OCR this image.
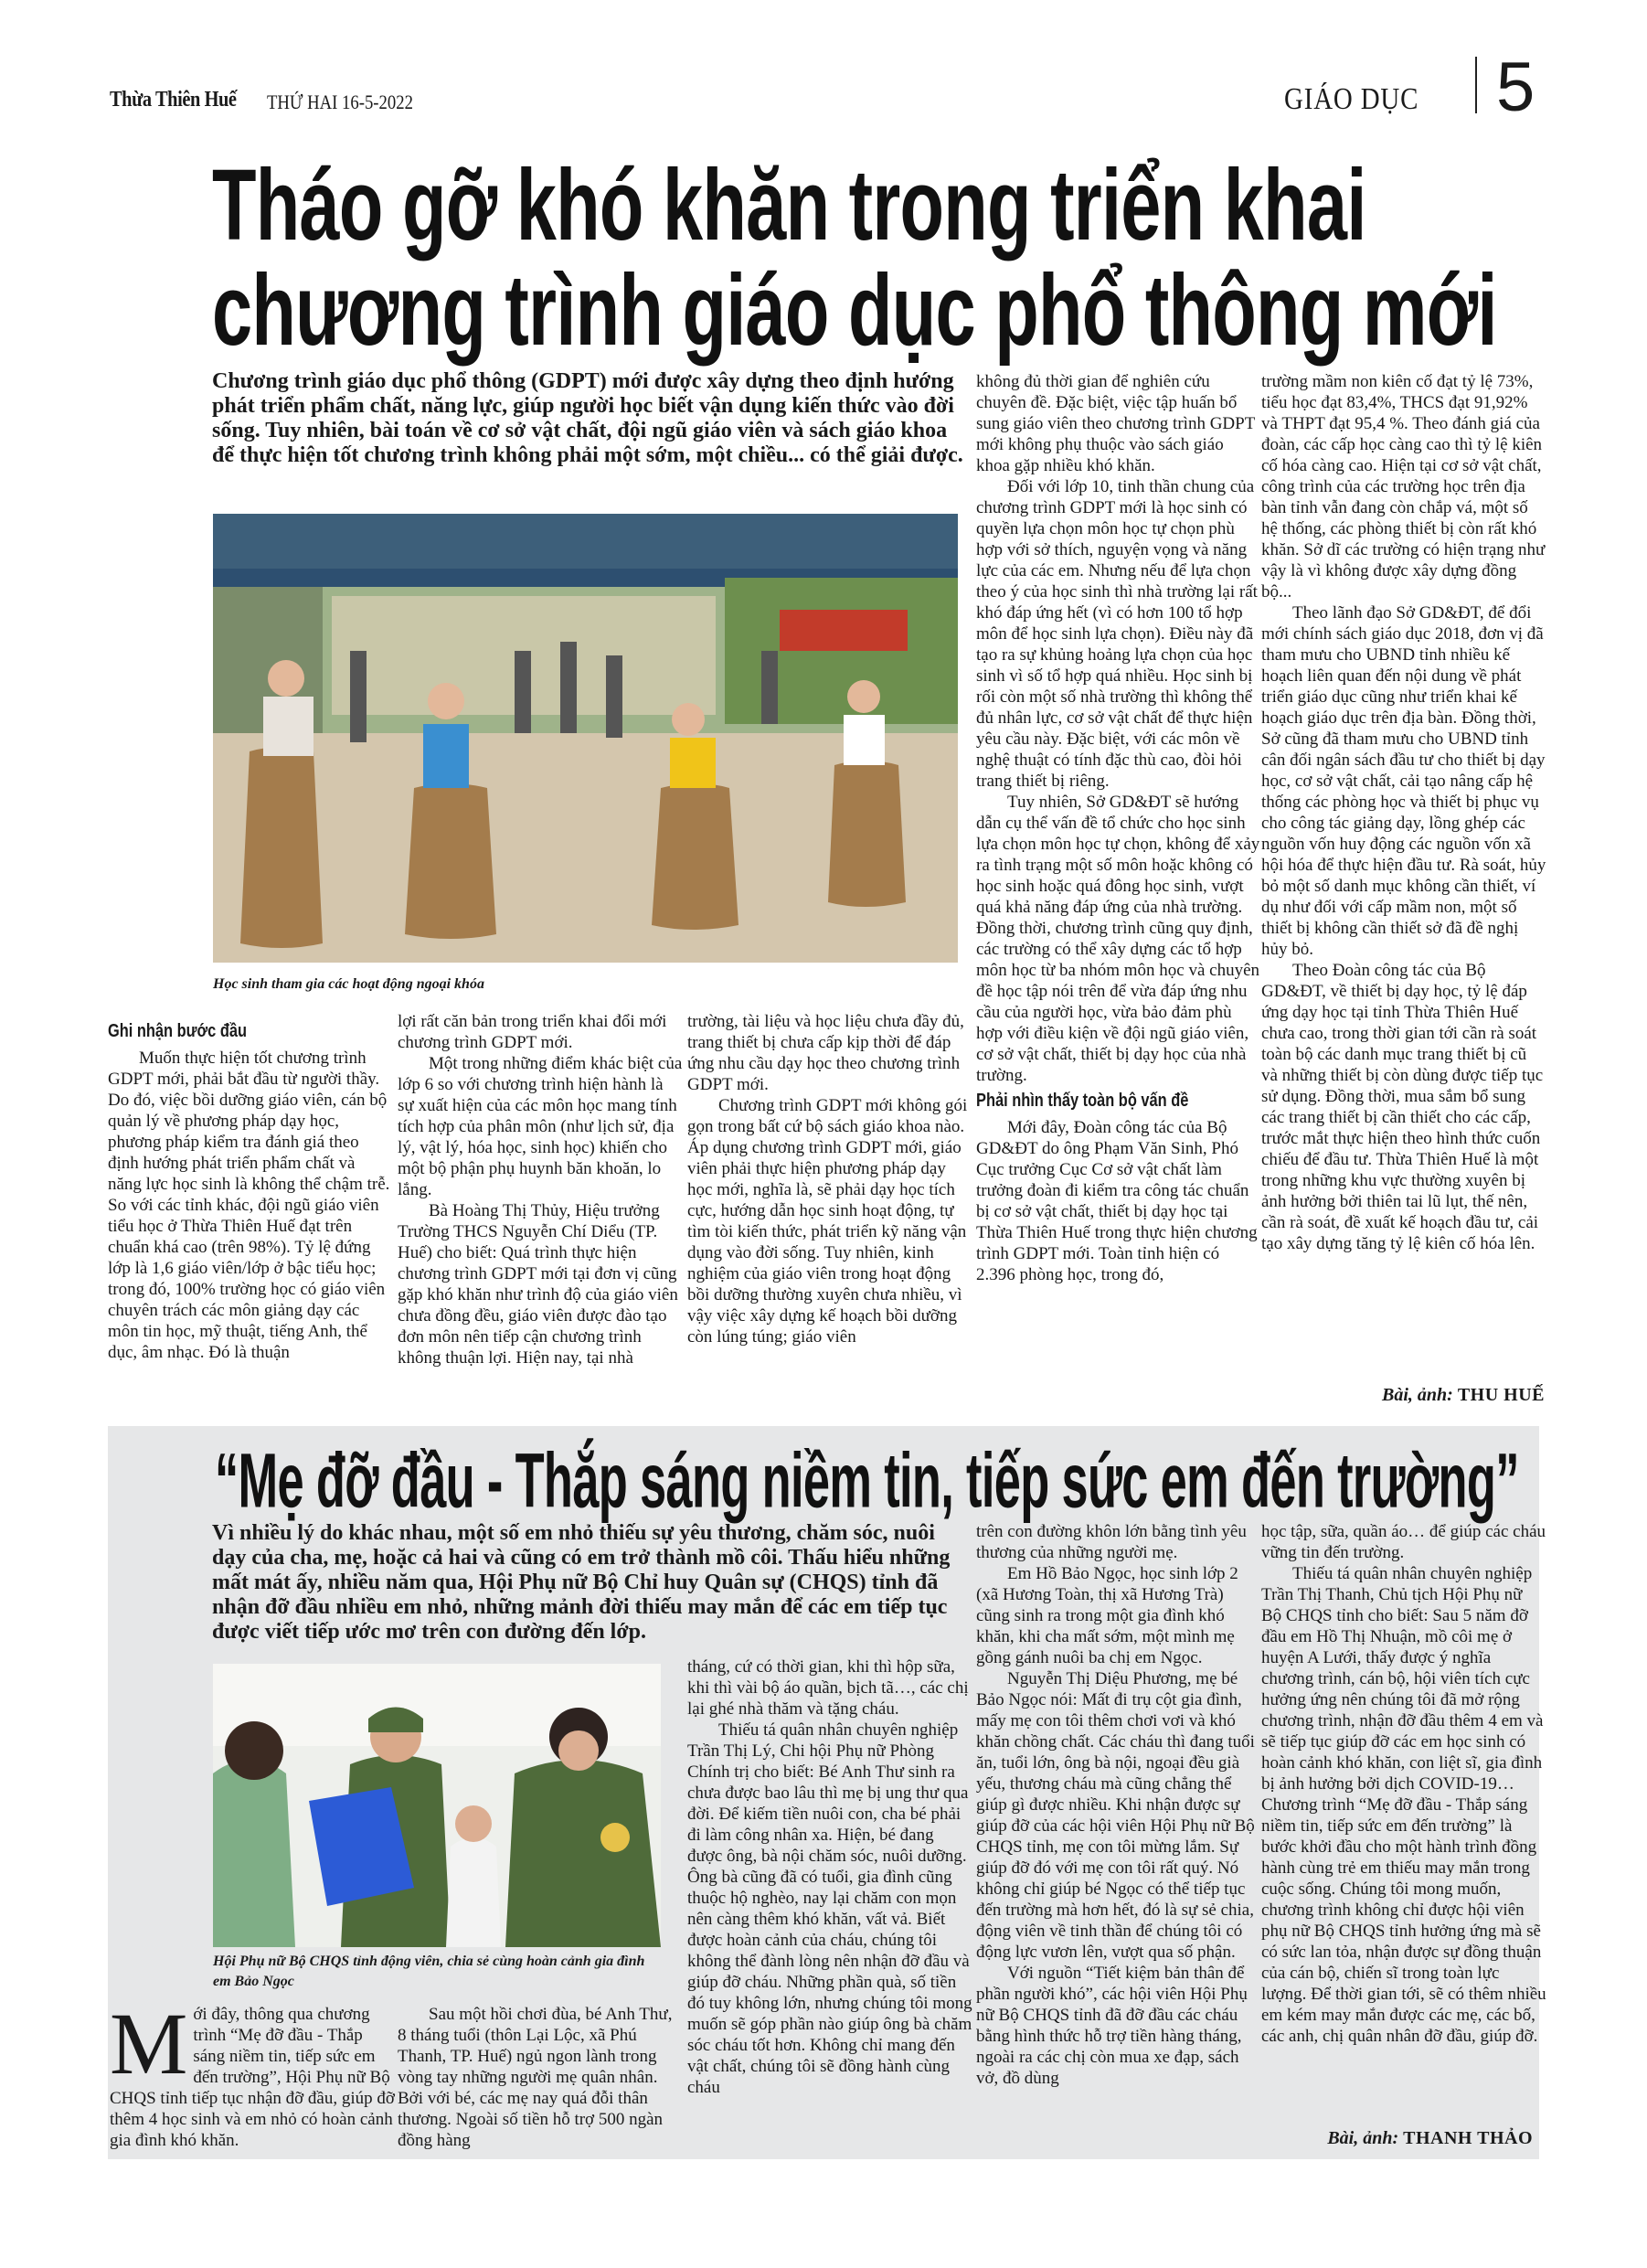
Thừa Thiên Huế THỨ HAI 16-5-2022	GIÁO DỤC 5
Tháo gỡ khó khăn trong triển khai
chương trình giáo dục phổ thông mới
Chương trình giáo dục phổ thông (GDPT) mới được xây dựng theo định hướng phát triển phẩm chất, năng lực, giúp người học biết vận dụng kiến thức vào đời sống. Tuy nhiên, bài toán về cơ sở vật chất, đội ngũ giáo viên và sách giáo khoa để thực hiện tốt chương trình không phải một sớm, một chiều... có thể giải được.
Học sinh tham gia các hoạt động ngoại khóa
Ghi nhận bước đầu

Muốn thực hiện tốt chương trình GDPT mới, phải bắt đầu từ người thầy. Do đó, việc bồi dưỡng giáo viên, cán bộ quản lý về phương pháp dạy học, phương pháp kiểm tra đánh giá theo định hướng phát triển phẩm chất và năng lực học sinh là không thể chậm trễ. So với các tỉnh khác, đội ngũ giáo viên tiểu học ở Thừa Thiên Huế đạt trên chuẩn khá cao (trên 98%). Tỷ lệ đứng lớp là 1,6 giáo viên/lớp ở bậc tiểu học; trong đó, 100% trường học có giáo viên chuyên trách các môn giảng dạy các môn tin học, mỹ thuật, tiếng Anh, thể dục, âm nhạc. Đó là thuận

lợi rất căn bản trong triển khai đổi mới chương trình GDPT mới.

Một trong những điểm khác biệt của lớp 6 so với chương trình hiện hành là sự xuất hiện của các môn học mang tính tích hợp của phân môn (như lịch sử, địa lý, vật lý, hóa học, sinh học) khiến cho một bộ phận phụ huynh băn khoăn, lo lắng.

Bà Hoàng Thị Thủy, Hiệu trưởng Trường THCS Nguyễn Chí Diểu (TP. Huế) cho biết: Quá trình thực hiện chương trình GDPT mới tại đơn vị cũng gặp khó khăn như trình độ của giáo viên chưa đồng đều, giáo viên được đào tạo đơn môn nên tiếp cận chương trình không thuận lợi. Hiện nay, tại nhà

trường, tài liệu và học liệu chưa đầy đủ, trang thiết bị chưa cấp kịp thời để đáp ứng nhu cầu dạy học theo chương trình GDPT mới.

Chương trình GDPT mới không gói gọn trong bất cứ bộ sách giáo khoa nào. Áp dụng chương trình GDPT mới, giáo viên phải thực hiện phương pháp dạy học mới, nghĩa là, sẽ phải dạy học tích cực, hướng dẫn học sinh hoạt động, tự tìm tòi kiến thức, phát triển kỹ năng vận dụng vào đời sống. Tuy nhiên, kinh nghiệm của giáo viên trong hoạt động bồi dưỡng thường xuyên chưa nhiều, vì vậy việc xây dựng kế hoạch bồi dưỡng còn lúng túng; giáo viên

không đủ thời gian để nghiên cứu chuyên đề. Đặc biệt, việc tập huấn bổ sung giáo viên theo chương trình GDPT mới không phụ thuộc vào sách giáo khoa gặp nhiều khó khăn.

Đối với lớp 10, tinh thần chung của chương trình GDPT mới là học sinh có quyền lựa chọn môn học tự chọn phù hợp với sở thích, nguyện vọng và năng lực của các em. Nhưng nếu để lựa chọn theo ý của học sinh thì nhà trường lại rất khó đáp ứng hết (vì có hơn 100 tổ hợp môn để học sinh lựa chọn). Điều này đã tạo ra sự khủng hoảng lựa chọn của học sinh vì số tổ hợp quá nhiều. Học sinh bị rối còn một số nhà trường thì không thể đủ nhân lực, cơ sở vật chất để thực hiện yêu cầu này. Đặc biệt, với các môn về nghệ thuật có tính đặc thù cao, đòi hỏi trang thiết bị riêng.

Tuy nhiên, Sở GD&ĐT sẽ hướng dẫn cụ thể vấn đề tổ chức cho học sinh lựa chọn môn học tự chọn, không để xảy ra tình trạng một số môn hoặc không có học sinh hoặc quá đông học sinh, vượt quá khả năng đáp ứng của nhà trường. Đồng thời, chương trình cũng quy định, các trường có thể xây dựng các tổ hợp môn học từ ba nhóm môn học và chuyên đề học tập nói trên để vừa đáp ứng nhu cầu của người học, vừa bảo đảm phù hợp với điều kiện về đội ngũ giáo viên, cơ sở vật chất, thiết bị dạy học của nhà trường.

Phải nhìn thấy toàn bộ vấn đề

Mới đây, Đoàn công tác của Bộ GD&ĐT do ông Phạm Văn Sinh, Phó Cục trưởng Cục Cơ sở vật chất làm trưởng đoàn đi kiểm tra công tác chuẩn bị cơ sở vật chất, thiết bị dạy học tại Thừa Thiên Huế trong thực hiện chương trình GDPT mới. Toàn tỉnh hiện có 2.396 phòng học, trong đó,

trường mầm non kiên cố đạt tỷ lệ 73%, tiểu học đạt 83,4%, THCS đạt 91,92% và THPT đạt 95,4 %. Theo đánh giá của đoàn, các cấp học càng cao thì tỷ lệ kiên cố hóa càng cao. Hiện tại cơ sở vật chất, công trình của các trường học trên địa bàn tỉnh vẫn đang còn chắp vá, một số hệ thống, các phòng thiết bị còn rất khó khăn. Sở dĩ các trường có hiện trạng như vậy là vì không được xây dựng đồng bộ...

Theo lãnh đạo Sở GD&ĐT, để đổi mới chính sách giáo dục 2018, đơn vị đã tham mưu cho UBND tỉnh nhiều kế hoạch liên quan đến nội dung về phát triển giáo dục cũng như triển khai kế hoạch giáo dục trên địa bàn. Đồng thời, Sở cũng đã tham mưu cho UBND tỉnh cân đối ngân sách đầu tư cho thiết bị dạy học, cơ sở vật chất, cải tạo nâng cấp hệ thống các phòng học và thiết bị phục vụ cho công tác giảng dạy, lồng ghép các nguồn vốn huy động các nguồn vốn xã hội hóa để thực hiện đầu tư. Rà soát, hủy bỏ một số danh mục không cần thiết, ví dụ như đối với cấp mầm non, một số thiết bị không cần thiết sở đã đề nghị hủy bỏ.

Theo Đoàn công tác của Bộ GD&ĐT, về thiết bị dạy học, tỷ lệ đáp ứng dạy học tại tỉnh Thừa Thiên Huế chưa cao, trong thời gian tới cần rà soát toàn bộ các danh mục trang thiết bị cũ và những thiết bị còn dùng được tiếp tục sử dụng. Đồng thời, mua sắm bổ sung các trang thiết bị cần thiết cho các cấp, trước mắt thực hiện theo hình thức cuốn chiếu để đầu tư. Thừa Thiên Huế là một trong những khu vực thường xuyên bị ảnh hưởng bởi thiên tai lũ lụt, thế nên, cần rà soát, đề xuất kế hoạch đầu tư, cải tạo xây dựng tăng tỷ lệ kiên cố hóa lên.

Bài, ảnh: THU HUẾ
“Mẹ đỡ đầu - Thắp sáng niềm tin, tiếp sức em đến trường”
Vì nhiều lý do khác nhau, một số em nhỏ thiếu sự yêu thương, chăm sóc, nuôi dạy của cha, mẹ, hoặc cả hai và cũng có em trở thành mồ côi. Thấu hiểu những mất mát ấy, nhiều năm qua, Hội Phụ nữ Bộ Chỉ huy Quân sự (CHQS) tỉnh đã nhận đỡ đầu nhiều em nhỏ, những mảnh đời thiếu may mắn để các em tiếp tục được viết tiếp ước mơ trên con đường đến lớp.
Hội Phụ nữ Bộ CHQS tỉnh động viên, chia sẻ cùng hoàn cảnh gia đình em Bảo Ngọc

Mới đây, thông qua chương trình “Mẹ đỡ đầu - Thắp sáng niềm tin, tiếp sức em đến trường”, Hội Phụ nữ Bộ CHQS tỉnh tiếp tục nhận đỡ đầu, giúp đỡ thêm 4 học sinh và em nhỏ có hoàn cảnh gia đình khó khăn.

Sau một hồi chơi đùa, bé Anh Thư, 8 tháng tuổi (thôn Lại Lộc, xã Phú Thanh, TP. Huế) ngủ ngon lành trong vòng tay những người mẹ quân nhân. Bởi với bé, các mẹ nay quá đỗi thân thương. Ngoài số tiền hỗ trợ 500 ngàn đồng hàng

tháng, cứ có thời gian, khi thì hộp sữa, khi thì vài bộ áo quần, bịch tã…, các chị lại ghé nhà thăm và tặng cháu.

Thiếu tá quân nhân chuyên nghiệp Trần Thị Lý, Chi hội Phụ nữ Phòng Chính trị cho biết: Bé Anh Thư sinh ra chưa được bao lâu thì mẹ bị ung thư qua đời. Để kiếm tiền nuôi con, cha bé phải đi làm công nhân xa. Hiện, bé đang được ông, bà nội chăm sóc, nuôi dưỡng. Ông bà cũng đã có tuổi, gia đình cũng thuộc hộ nghèo, nay lại chăm con mọn nên càng thêm khó khăn, vất vả. Biết được hoàn cảnh của cháu, chúng tôi không thể đành lòng nên nhận đỡ đầu và giúp đỡ cháu. Những phần quà, số tiền đó tuy không lớn, nhưng chúng tôi mong muốn sẽ góp phần nào giúp ông bà chăm sóc cháu tốt hơn. Không chỉ mang đến vật chất, chúng tôi sẽ đồng hành cùng cháu

trên con đường khôn lớn bằng tình yêu thương của những người mẹ.

Em Hồ Bảo Ngọc, học sinh lớp 2 (xã Hương Toàn, thị xã Hương Trà) cũng sinh ra trong một gia đình khó khăn, khi cha mất sớm, một mình mẹ gồng gánh nuôi ba chị em Ngọc.

Nguyễn Thị Diệu Phương, mẹ bé Bảo Ngọc nói: Mất đi trụ cột gia đình, mấy mẹ con tôi thêm chơi vơi và khó khăn chồng chất. Các cháu thì đang tuổi ăn, tuổi lớn, ông bà nội, ngoại đều già yếu, thương cháu mà cũng chẳng thể giúp gì được nhiều. Khi nhận được sự giúp đỡ của các hội viên Hội Phụ nữ Bộ CHQS tỉnh, mẹ con tôi mừng lắm. Sự giúp đỡ đó với mẹ con tôi rất quý. Nó không chỉ giúp bé Ngọc có thể tiếp tục đến trường mà hơn hết, đó là sự sẻ chia, động viên về tinh thần để chúng tôi có động lực vươn lên, vượt qua số phận.

Với nguồn “Tiết kiệm bản thân để phần người khó”, các hội viên Hội Phụ nữ Bộ CHQS tỉnh đã đỡ đầu các cháu bằng hình thức hỗ trợ tiền hàng tháng, ngoài ra các chị còn mua xe đạp, sách vở, đồ dùng

học tập, sữa, quần áo… để giúp các cháu vững tin đến trường.

Thiếu tá quân nhân chuyên nghiệp Trần Thị Thanh, Chủ tịch Hội Phụ nữ Bộ CHQS tỉnh cho biết: Sau 5 năm đỡ đầu em Hồ Thị Nhuận, mồ côi mẹ ở huyện A Lưới, thấy được ý nghĩa chương trình, cán bộ, hội viên tích cực hưởng ứng nên chúng tôi đã mở rộng chương trình, nhận đỡ đầu thêm 4 em và sẽ tiếp tục giúp đỡ các em học sinh có hoàn cảnh khó khăn, con liệt sĩ, gia đình bị ảnh hưởng bởi dịch COVID-19… Chương trình “Mẹ đỡ đầu - Thắp sáng niềm tin, tiếp sức em đến trường” là bước khởi đầu cho một hành trình đồng hành cùng trẻ em thiếu may mắn trong cuộc sống. Chúng tôi mong muốn, chương trình không chỉ được hội viên phụ nữ Bộ CHQS tỉnh hưởng ứng mà sẽ có sức lan tỏa, nhận được sự đồng thuận của cán bộ, chiến sĩ trong toàn lực lượng. Để thời gian tới, sẽ có thêm nhiều em kém may mắn được các mẹ, các bố, các anh, chị quân nhân đỡ đầu, giúp đỡ.

Bài, ảnh: THANH THẢO
